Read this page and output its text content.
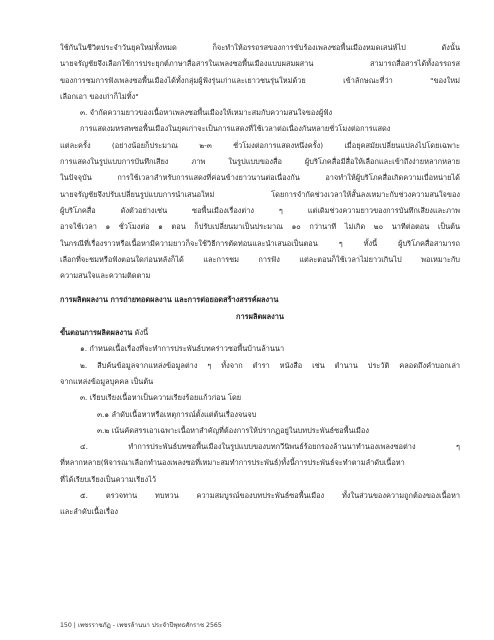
ใช้กันในชีวิตประจำวันยุคใหม่ทั้งหมด ก็จะทำให้อรรถรสของการขับร้องเพลงซอพื้นเมืองหมดเสน่ห์ไป ดังนั้น
นายจรัญชัยจึงเลือกใช้การประยุกต์ภาษาสื่อสารในเพลงซอพื้นเมืองแบบผสมผสาน สามารถสื่อสารได้ทั้งอรรถรส
ของการชมการฟังเพลงซอพื้นเมืองได้ทั้งกลุ่มผู้ฟังรุ่นเก่าและเยาวชนรุ่นใหม่ด้วย เข้าลักษณะที่ว่า "ของใหม่
เลือกเอา ของเก่าก็ไม่ทิ้ง"
๓. จำกัดความยาวของเนื้อหาเพลงซอพื้นเมืองให้เหมาะสมกับความสนใจของผู้ฟัง
การแสดงมหรสพซอพื้นเมืองในยุคเก่าจะเป็นการแสดงที่ใช้เวลาต่อเนื่องกันหลายชั่วโมงต่อการแสดง
แต่ละครั้ง (อย่างน้อยก็ประมาณ ๒-๓ ชั่วโมงต่อการแสดงหนึ่งครั้ง) เมื่อยุคสมัยเปลี่ยนแปลงไปโดยเฉพาะ
การแสดงในรูปแบบการบันทึกเสียง ภาพ ในรูปแบบของสื่อ ผู้บริโภคสื่อมีสื่อให้เลือกและเข้าถึงง่ายหลากหลาย
ในปัจจุบัน การใช้เวลาสำหรับการแสดงที่ค่อนข้างยาวนานต่อเนื่องกัน อาจทำให้ผู้บริโภคสื่อเกิดความเบื่อหน่ายได้
นายจรัญชัยจึงปรับเปลี่ยนรูปแบบการนำเสนอใหม่ โดยการจำกัดช่วงเวลาให้สั้นลงเหมาะกับช่วงความสนใจของ
ผู้บริโภคสื่อ ดังตัวอย่างเช่น ซอพื้นเมืองเรื่องต่าง ๆ แต่เดิมช่วงความยาวของการบันทึกเสียงและภาพ
อาจใช้เวลา ๑ ชั่วโมงต่อ ๑ ตอน ก็ปรับเปลี่ยนมาเป็นประมาณ ๑๐ กว่านาที ไม่เกิด ๒๐ นาทีต่อตอน เป็นต้น
ในกรณีที่เรื่องราวหรือเนื้อหามีความยาวก็จะใช้วิธีการตัดท่อนและนำเสนอเป็นตอน ๆ ทั้งนี้ ผู้บริโภคสื่อสามารถ
เลือกที่จะชมหรือฟังตอนใดก่อนหลังก็ได้ และการชม การฟัง แต่ละตอนก็ใช้เวลาไม่ยาวเกินไป พอเหมาะกับ
ความสนใจและความติดตาม
การผลิตผลงาน การถ่ายทอดผลงาน และการต่อยอดสร้างสรรค์ผลงาน
การผลิตผลงาน
ขั้นตอนการผลิตผลงาน ดังนี้
๑. กำหนดเนื้อเรื่องที่จะทำการประพันธ์บทคร่าวซอพื้นบ้านล้านนา
๒. สืบค้นข้อมูลจากแหล่งข้อมูลต่าง ๆ ทั้งจาก ตำรา หนังสือ เช่น ตำนาน ประวัติ คลอดถึงคำบอกเล่า
จากแหล่งข้อมูลบุคคล เป็นต้น
๓. เรียบเรียงเนื้อหาเป็นความเรียงร้อยแก้วก่อน โดย
๓.๑ ลำดับเนื้อหาหรือเหตุการณ์ตั้งแต่ต้นเรื่องจนจบ
๓.๒ เน้นคัดสรรเอาเฉพาะเนื้อหาสำคัญที่ต้องการให้ปรากฏอยู่ในบทประพันธ์ซอพื้นเมือง
๔. ทำการประพันธ์บทซอพื้นเมืองในรูปแบบของบทกวีนิพนธ์ร้อยกรองล้านนาทำนองเพลงซอต่าง ๆ
ที่หลากหลาย(พิจารณาเลือกทำนองเพลงซอที่เหมาะสมทำการประพันธ์)ทั้งนี้การประพันธ์จะทำตามลำดับเนื้อหา
ที่ได้เรียบเรียงเป็นความเรียงไว้
๕. ตรวจทาน ทบทวน ความสมบูรณ์ของบทประพันธ์ซอพื้นเมือง ทั้งในส่วนของความถูกต้องของเนื้อหา
และลำดับเนื้อเรื่อง
150 | เพชรราชภัฏ - เพชรล้านนา ประจำปีพุทธศักราช 2565
